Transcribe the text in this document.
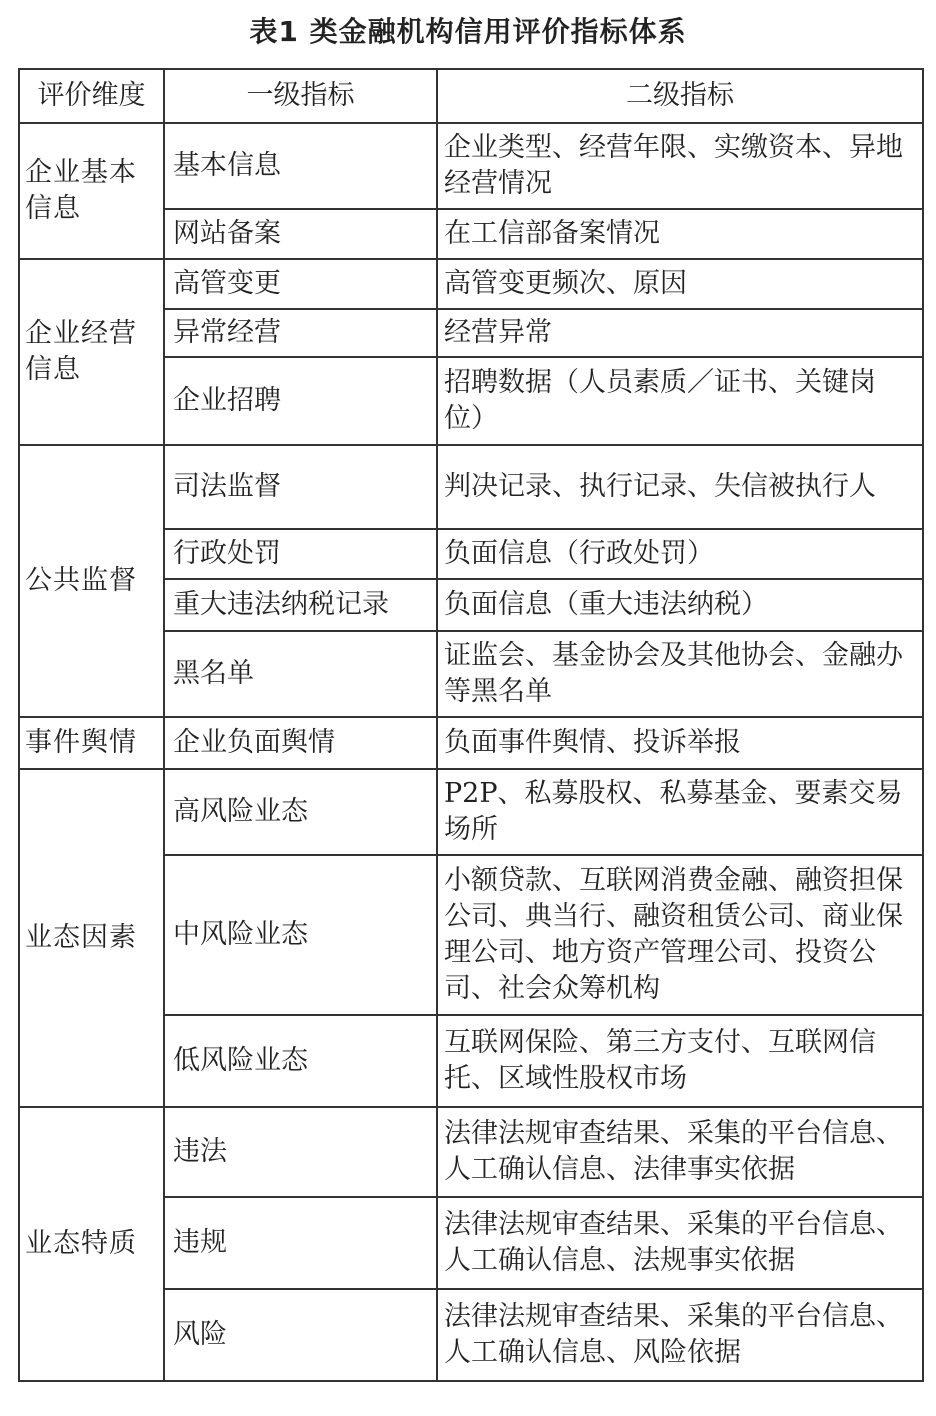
表1 类金融机构信用评价指标体系
评价维度	一级指标	二级指标
企业基本信息	基本信息	企业类型、经营年限、实缴资本、异地经营情况
	网站备案	在工信部备案情况
企业经营信息	高管变更	高管变更频次、原因
	异常经营	经营异常
	企业招聘	招聘数据（人员素质／证书、关键岗位）
公共监督	司法监督	判决记录、执行记录、失信被执行人
	行政处罚	负面信息（行政处罚）
	重大违法纳税记录	负面信息（重大违法纳税）
	黑名单	证监会、基金协会及其他协会、金融办等黑名单
事件舆情	企业负面舆情	负面事件舆情、投诉举报
业态因素	高风险业态	P2P、私募股权、私募基金、要素交易场所
	中风险业态	小额贷款、互联网消费金融、融资担保公司、典当行、融资租赁公司、商业保理公司、地方资产管理公司、投资公司、社会众筹机构
	低风险业态	互联网保险、第三方支付、互联网信托、区域性股权市场
业态特质	违法	法律法规审查结果、采集的平台信息、人工确认信息、法律事实依据
	违规	法律法规审查结果、采集的平台信息、人工确认信息、法规事实依据
	风险	法律法规审查结果、采集的平台信息、人工确认信息、风险依据
